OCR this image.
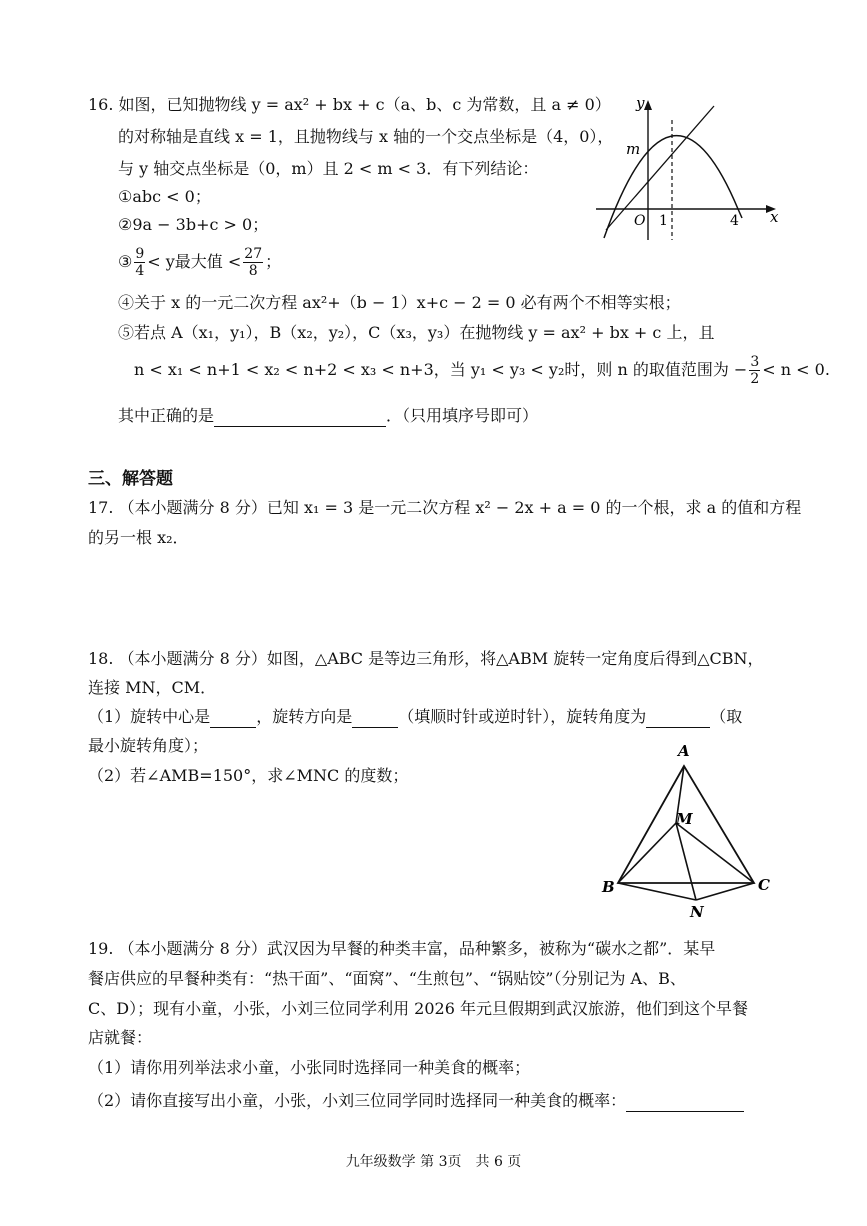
16. 如图，已知抛物线 y = ax² + bx + c（a、b、c 为常数，且 a ≠ 0）
的对称轴是直线 x = 1，且抛物线与 x 轴的一个交点坐标是（4，0），
与 y 轴交点坐标是（0，m）且 2 < m < 3．有下列结论：
①abc < 0；
②9a − 3b+c > 0；
③ $\frac{9}{4} < y$最大值 < $\frac{27}{8}$ ；
④关于 x 的一元二次方程 ax²+（b − 1）x+c − 2 = 0 必有两个不相等实根；
⑤若点 A（x₁，y₁），B（x₂，y₂），C（x₃，y₃）在抛物线 y = ax² + bx + c 上，且
n < x₁ < n+1 < x₂ < n+2 < x₃ < n+3，当 y₁ < y₃ < y₂时，则 n 的取值范围为 − $\frac{3}{2} < n < 0$.
其中正确的是	．（只用填序号即可）
y
x
m
O 1	4
三、解答题
17. （本小题满分 8 分）已知 x₁ = 3 是一元二次方程 x² − 2x + a = 0 的一个根，求 a 的值和方程
的另一根 x₂．
18. （本小题满分 8 分）如图，△ABC 是等边三角形，将△ABM 旋转一定角度后得到△CBN，
连接 MN，CM．
（1）旋转中心是	，旋转方向是	（填顺时针或逆时针），旋转角度为	（取
最小旋转角度）；
（2）若∠AMB=150°，求∠MNC 的度数；
A
B	C
M
N
19. （本小题满分 8 分）武汉因为早餐的种类丰富，品种繁多，被称为“碳水之都”．某早
餐店供应的早餐种类有：“热干面”、“面窝”、“生煎包”、“锅贴饺”（分别记为 A、B、
C、D）；现有小童，小张，小刘三位同学利用 2026 年元旦假期到武汉旅游，他们到这个早餐
店就餐：
（1）请你用列举法求小童，小张同时选择同一种美食的概率；
（2）请你直接写出小童，小张，小刘三位同学同时选择同一种美食的概率：
九年级数学 第 3页　共 6 页
